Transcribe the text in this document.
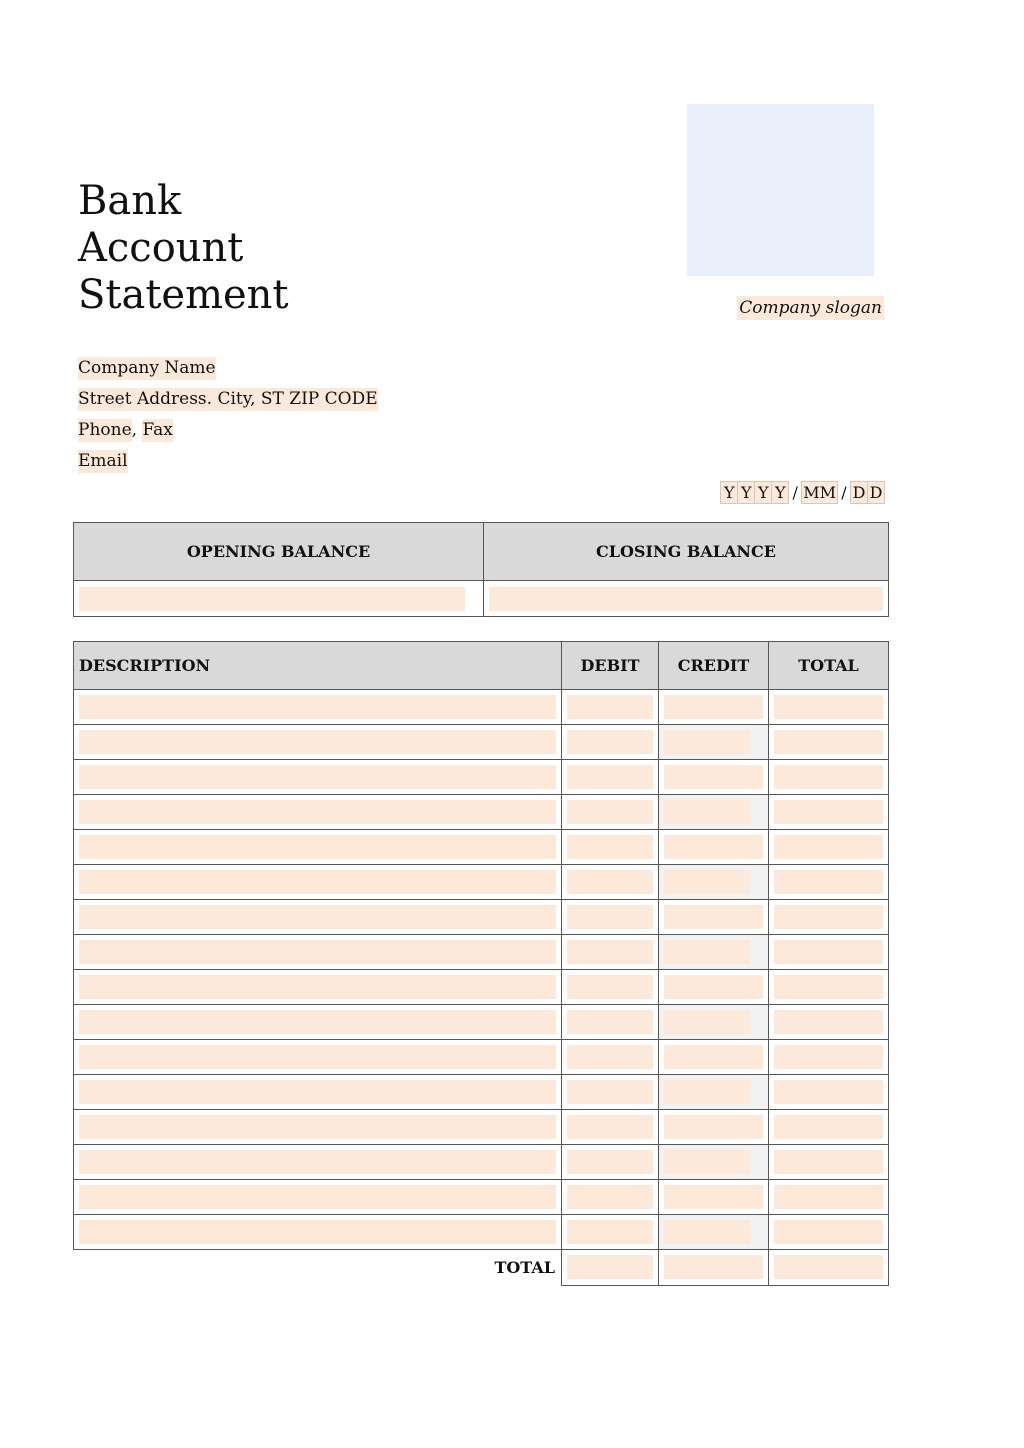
Bank
Account
Statement	Company slogan
Company Name
Street Address. City, ST ZIP CODE
Phone, Fax
Email
Y Y Y Y / MM / D D
OPENING BALANCE	CLOSING BALANCE

DESCRIPTION	DEBIT	CREDIT	TOTAL

TOTAL	
